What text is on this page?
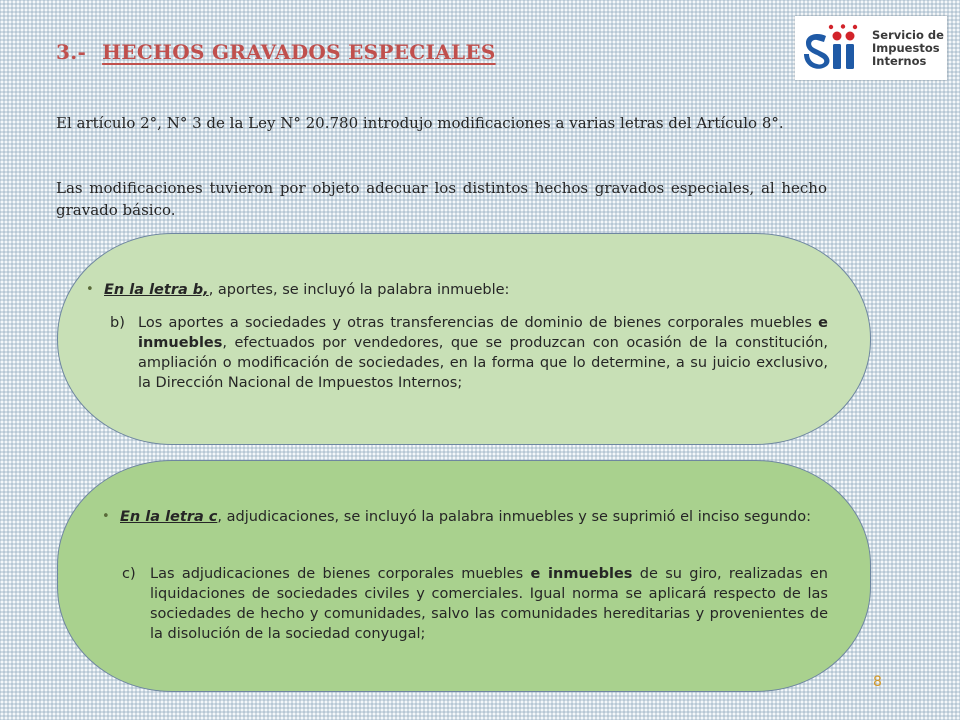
3.- HECHOS GRAVADOS ESPECIALES
Servicio de
Impuestos
Internos

El artículo 2°, N° 3 de la Ley N° 20.780 introdujo modificaciones a varias letras del Artículo 8°.

Las modificaciones tuvieron por objeto adecuar los distintos hechos gravados especiales, al hecho gravado básico.

• En la letra b,, aportes, se incluyó la palabra inmueble:
b) Los aportes a sociedades y otras transferencias de dominio de bienes corporales muebles e inmuebles, efectuados por vendedores, que se produzcan con ocasión de la constitución, ampliación o modificación de sociedades, en la forma que lo determine, a su juicio exclusivo, la Dirección Nacional de Impuestos Internos;
• En la letra c, adjudicaciones, se incluyó la palabra inmuebles y se suprimió el inciso segundo:
c) Las adjudicaciones de bienes corporales muebles e inmuebles de su giro, realizadas en liquidaciones de sociedades civiles y comerciales. Igual norma se aplicará respecto de las sociedades de hecho y comunidades, salvo las comunidades hereditarias y provenientes de la disolución de la sociedad conyugal;
8
